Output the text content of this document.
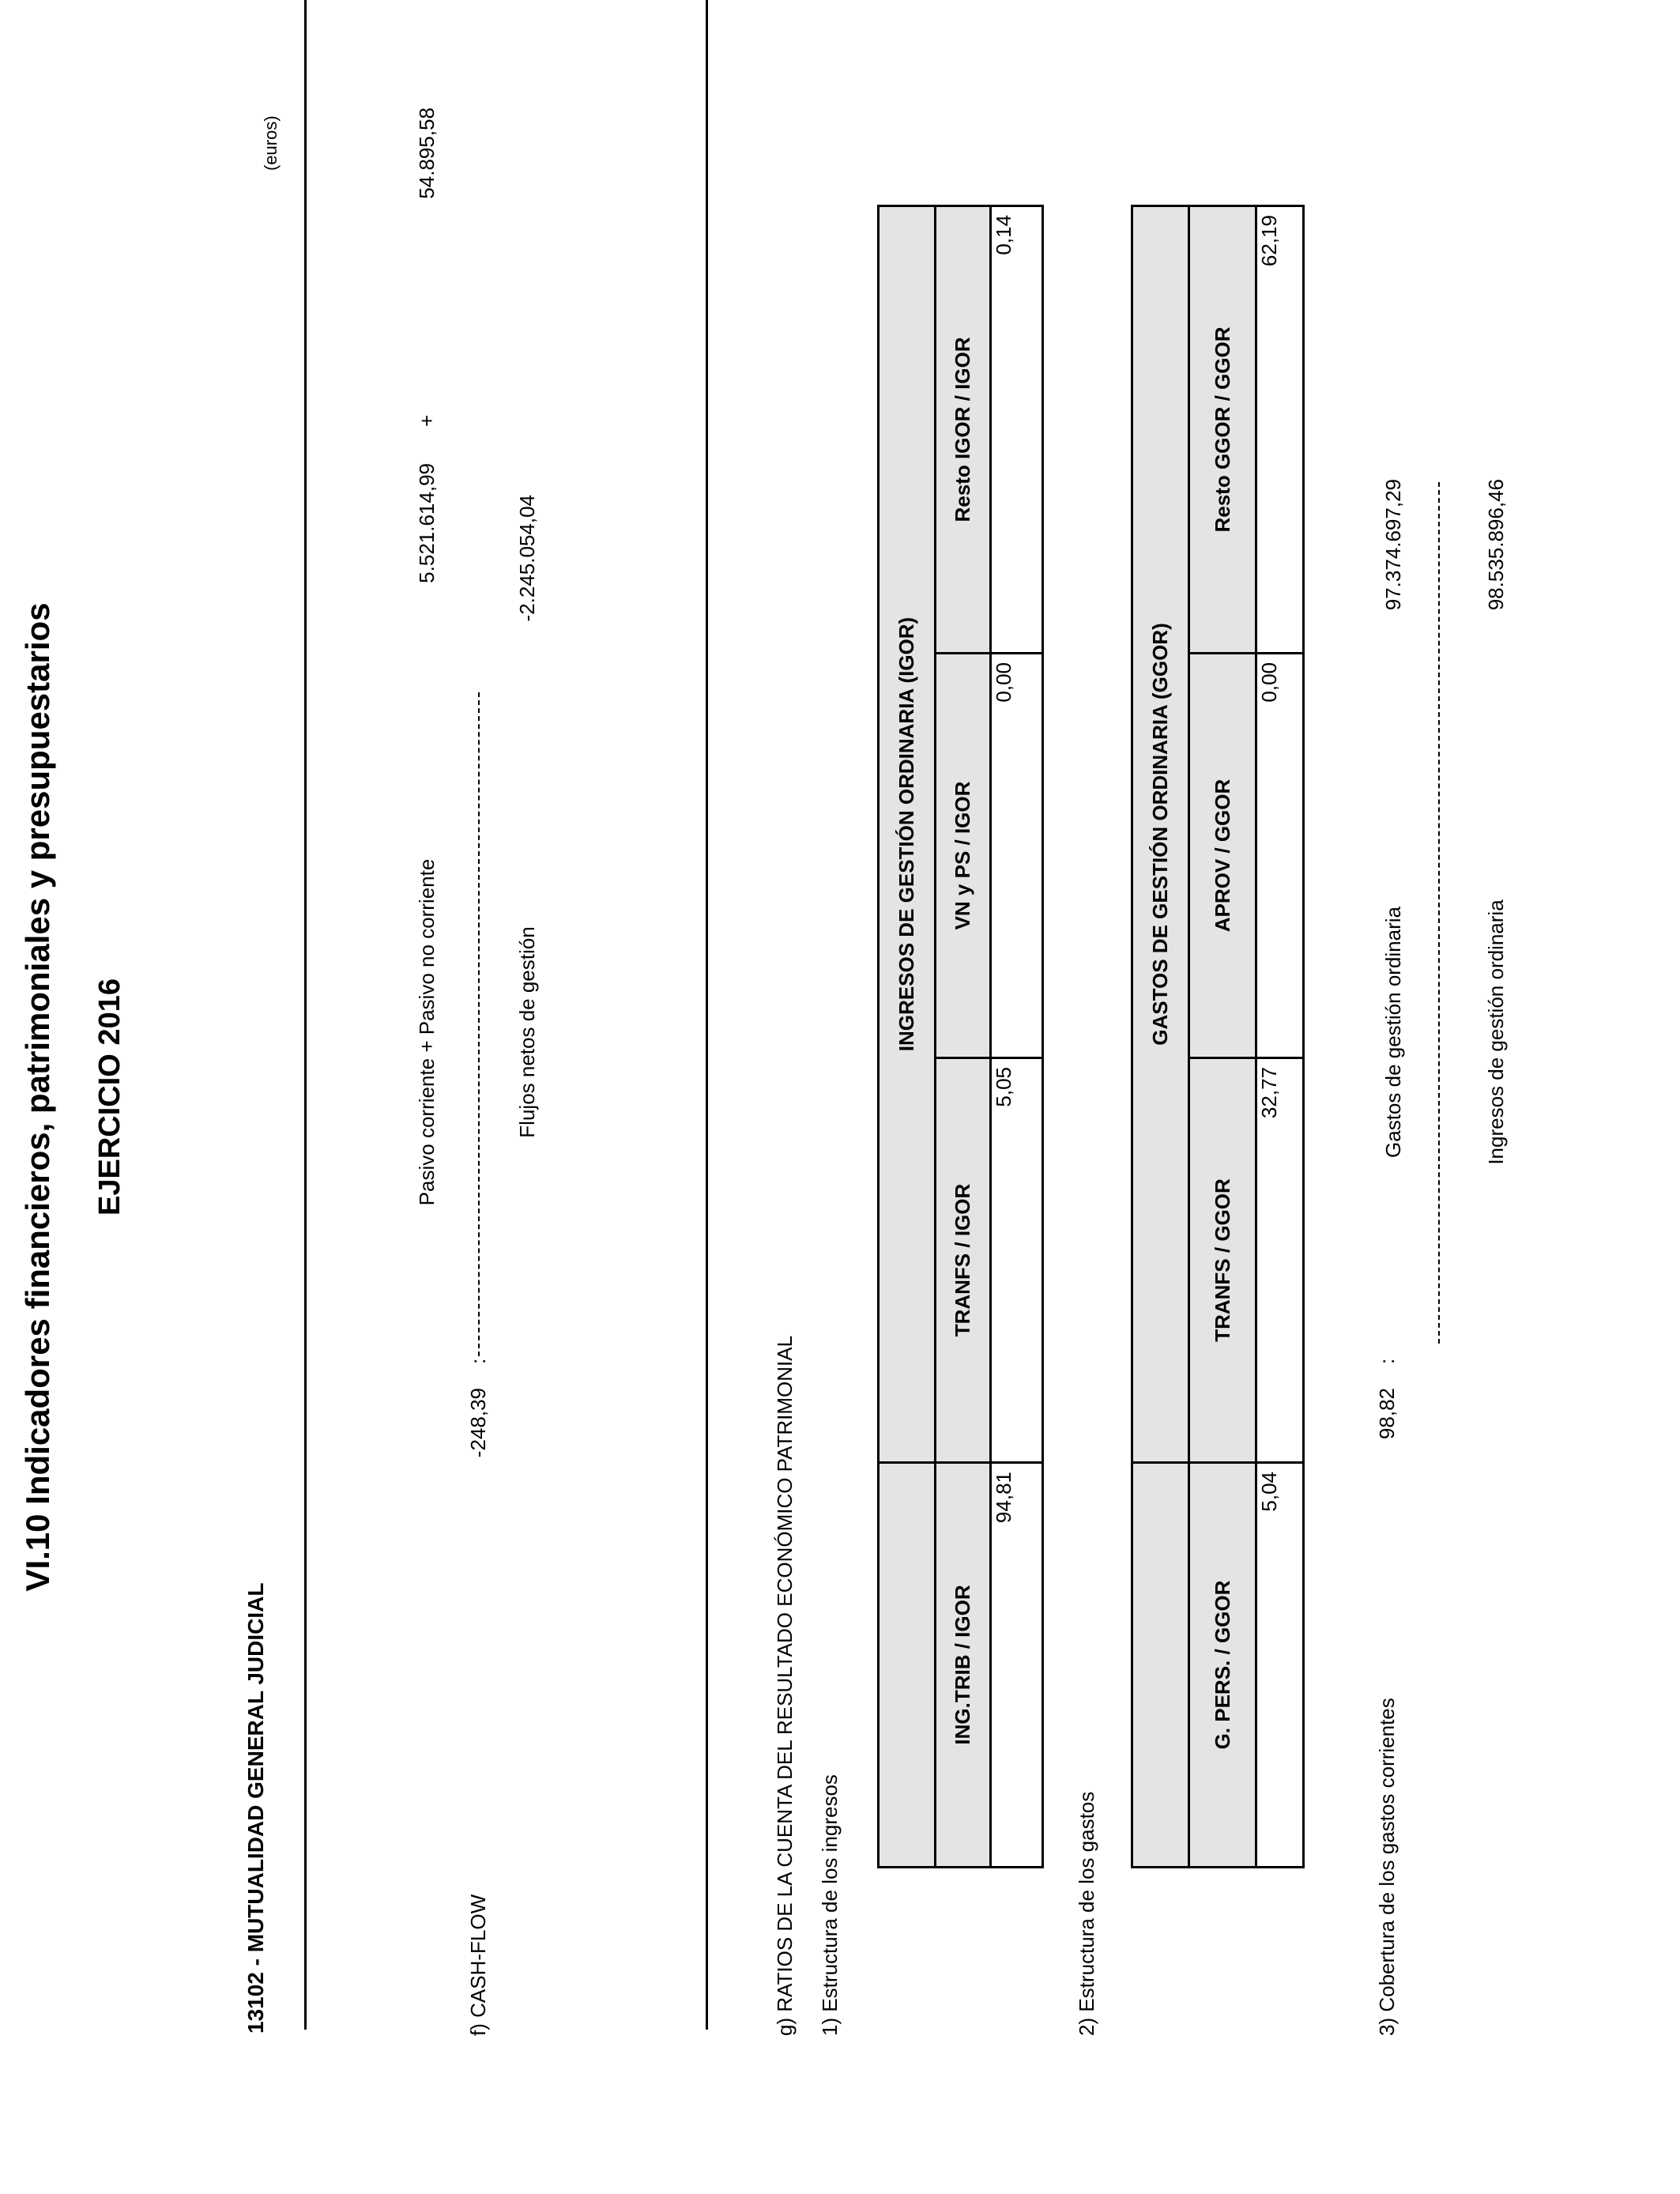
VI.10 Indicadores financieros, patrimoniales y presupuestarios EJERCICIO 2016
13102 - MUTUALIDAD GENERAL JUDICIAL
(euros)
f) CASH-FLOW
-248,39
:
Pasivo corriente + Pasivo no corriente
5.521.614,99
+
54.895,58
Flujos netos de gestión
-2.245.054,04
g) RATIOS DE LA CUENTA DEL RESULTADO ECONÓMICO PATRIMONIAL 1) Estructura de los ingresos
	INGRESOS DE GESTIÓN ORDINARIA (IGOR)		
ING.TRIB / IGOR	TRANFS / IGOR	VN y PS / IGOR	Resto IGOR / IGOR
94,81	5,05	0,00	0,14
2) Estructura de los gastos
	GASTOS DE GESTIÓN ORDINARIA (GGOR)		
G. PERS. / GGOR	TRANFS / GGOR	APROV / GGOR	Resto GGOR / GGOR
5,04	32,77	0,00	62,19
3) Cobertura de los gastos corrientes
98,82
:
Gastos de gestión ordinaria
97.374.697,29
Ingresos de gestión ordinaria
98.535.896,46
